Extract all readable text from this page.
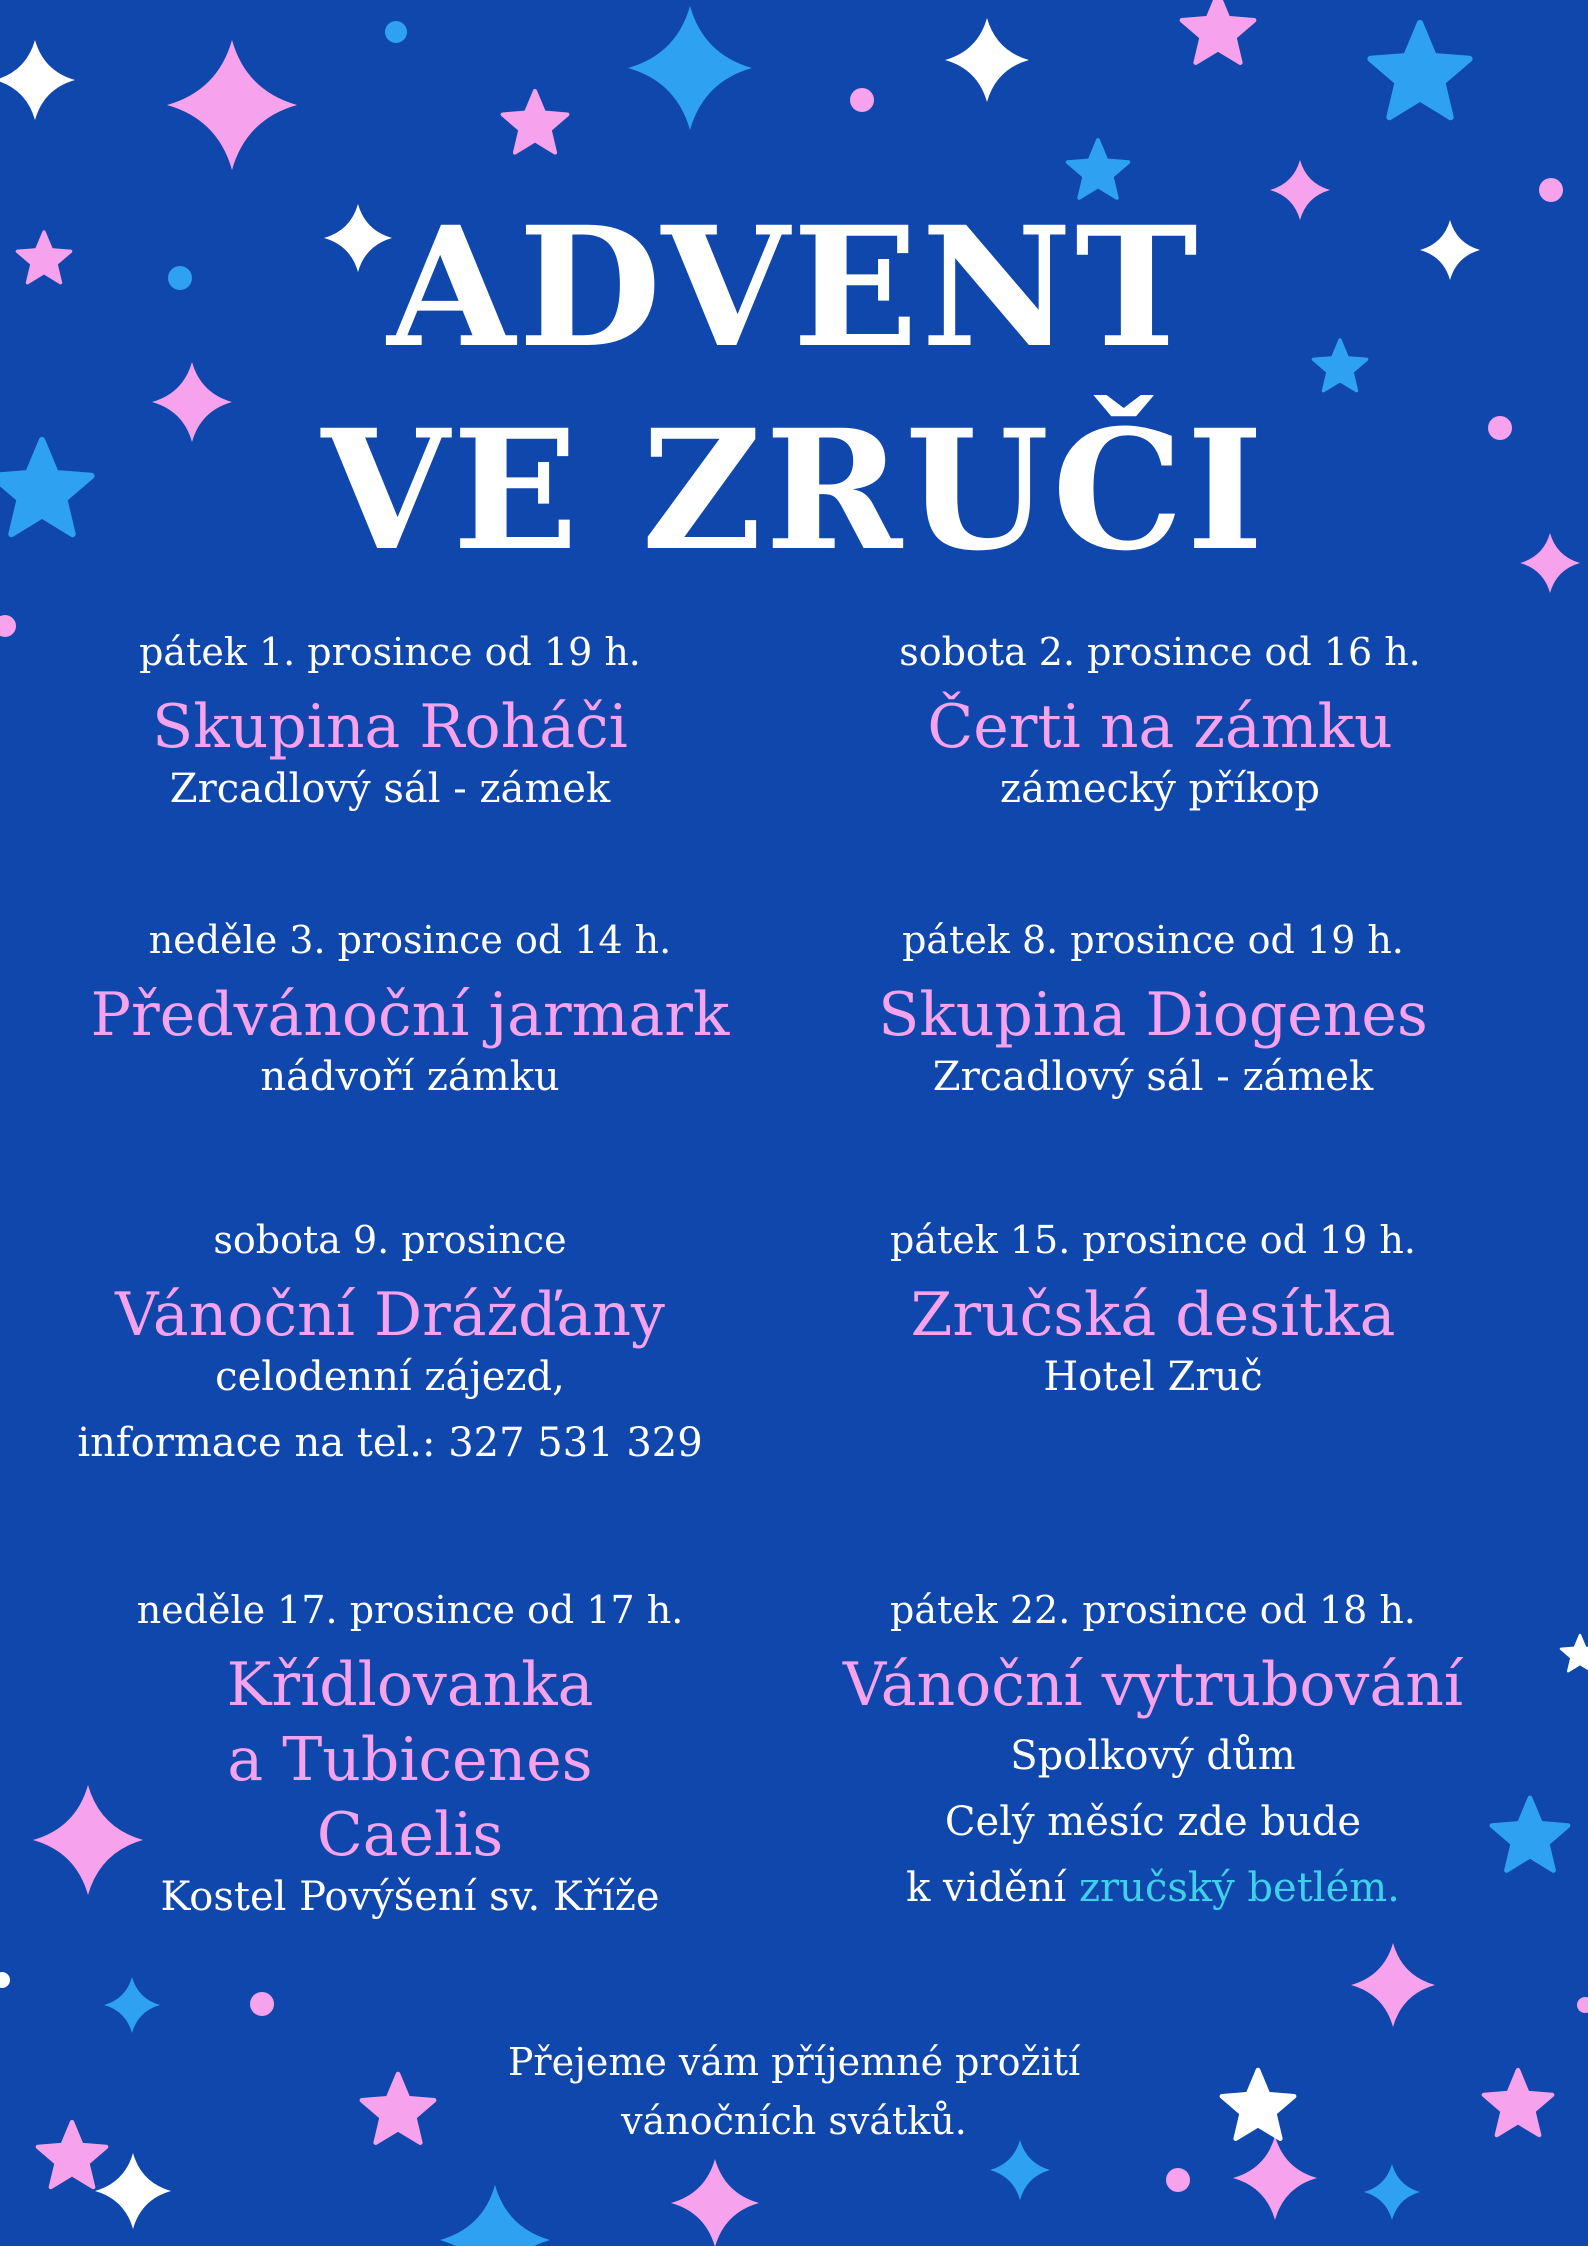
ADVENT
VE ZRUČI
pátek 1. prosince od 19 h.
Skupina Roháči
Zrcadlový sál - zámek
sobota 2. prosince od 16 h.
Čerti na zámku
zámecký příkop
neděle 3. prosince od 14 h.
Předvánoční jarmark
nádvoří zámku
pátek 8. prosince od 19 h.
Skupina Diogenes
Zrcadlový sál - zámek
sobota 9. prosince
Vánoční Drážďany
celodenní zájezd,
informace na tel.: 327 531 329
pátek 15. prosince od 19 h.
Zručská desítka
Hotel Zruč
neděle 17. prosince od 17 h.
Křídlovanka
a Tubicenes
Caelis
Kostel Povýšení sv. Kříže
pátek 22. prosince od 18 h.
Vánoční vytrubování
Spolkový dům
Celý měsíc zde bude
k vidění zručský betlém.
Přejeme vám příjemné prožití
vánočních svátků.
